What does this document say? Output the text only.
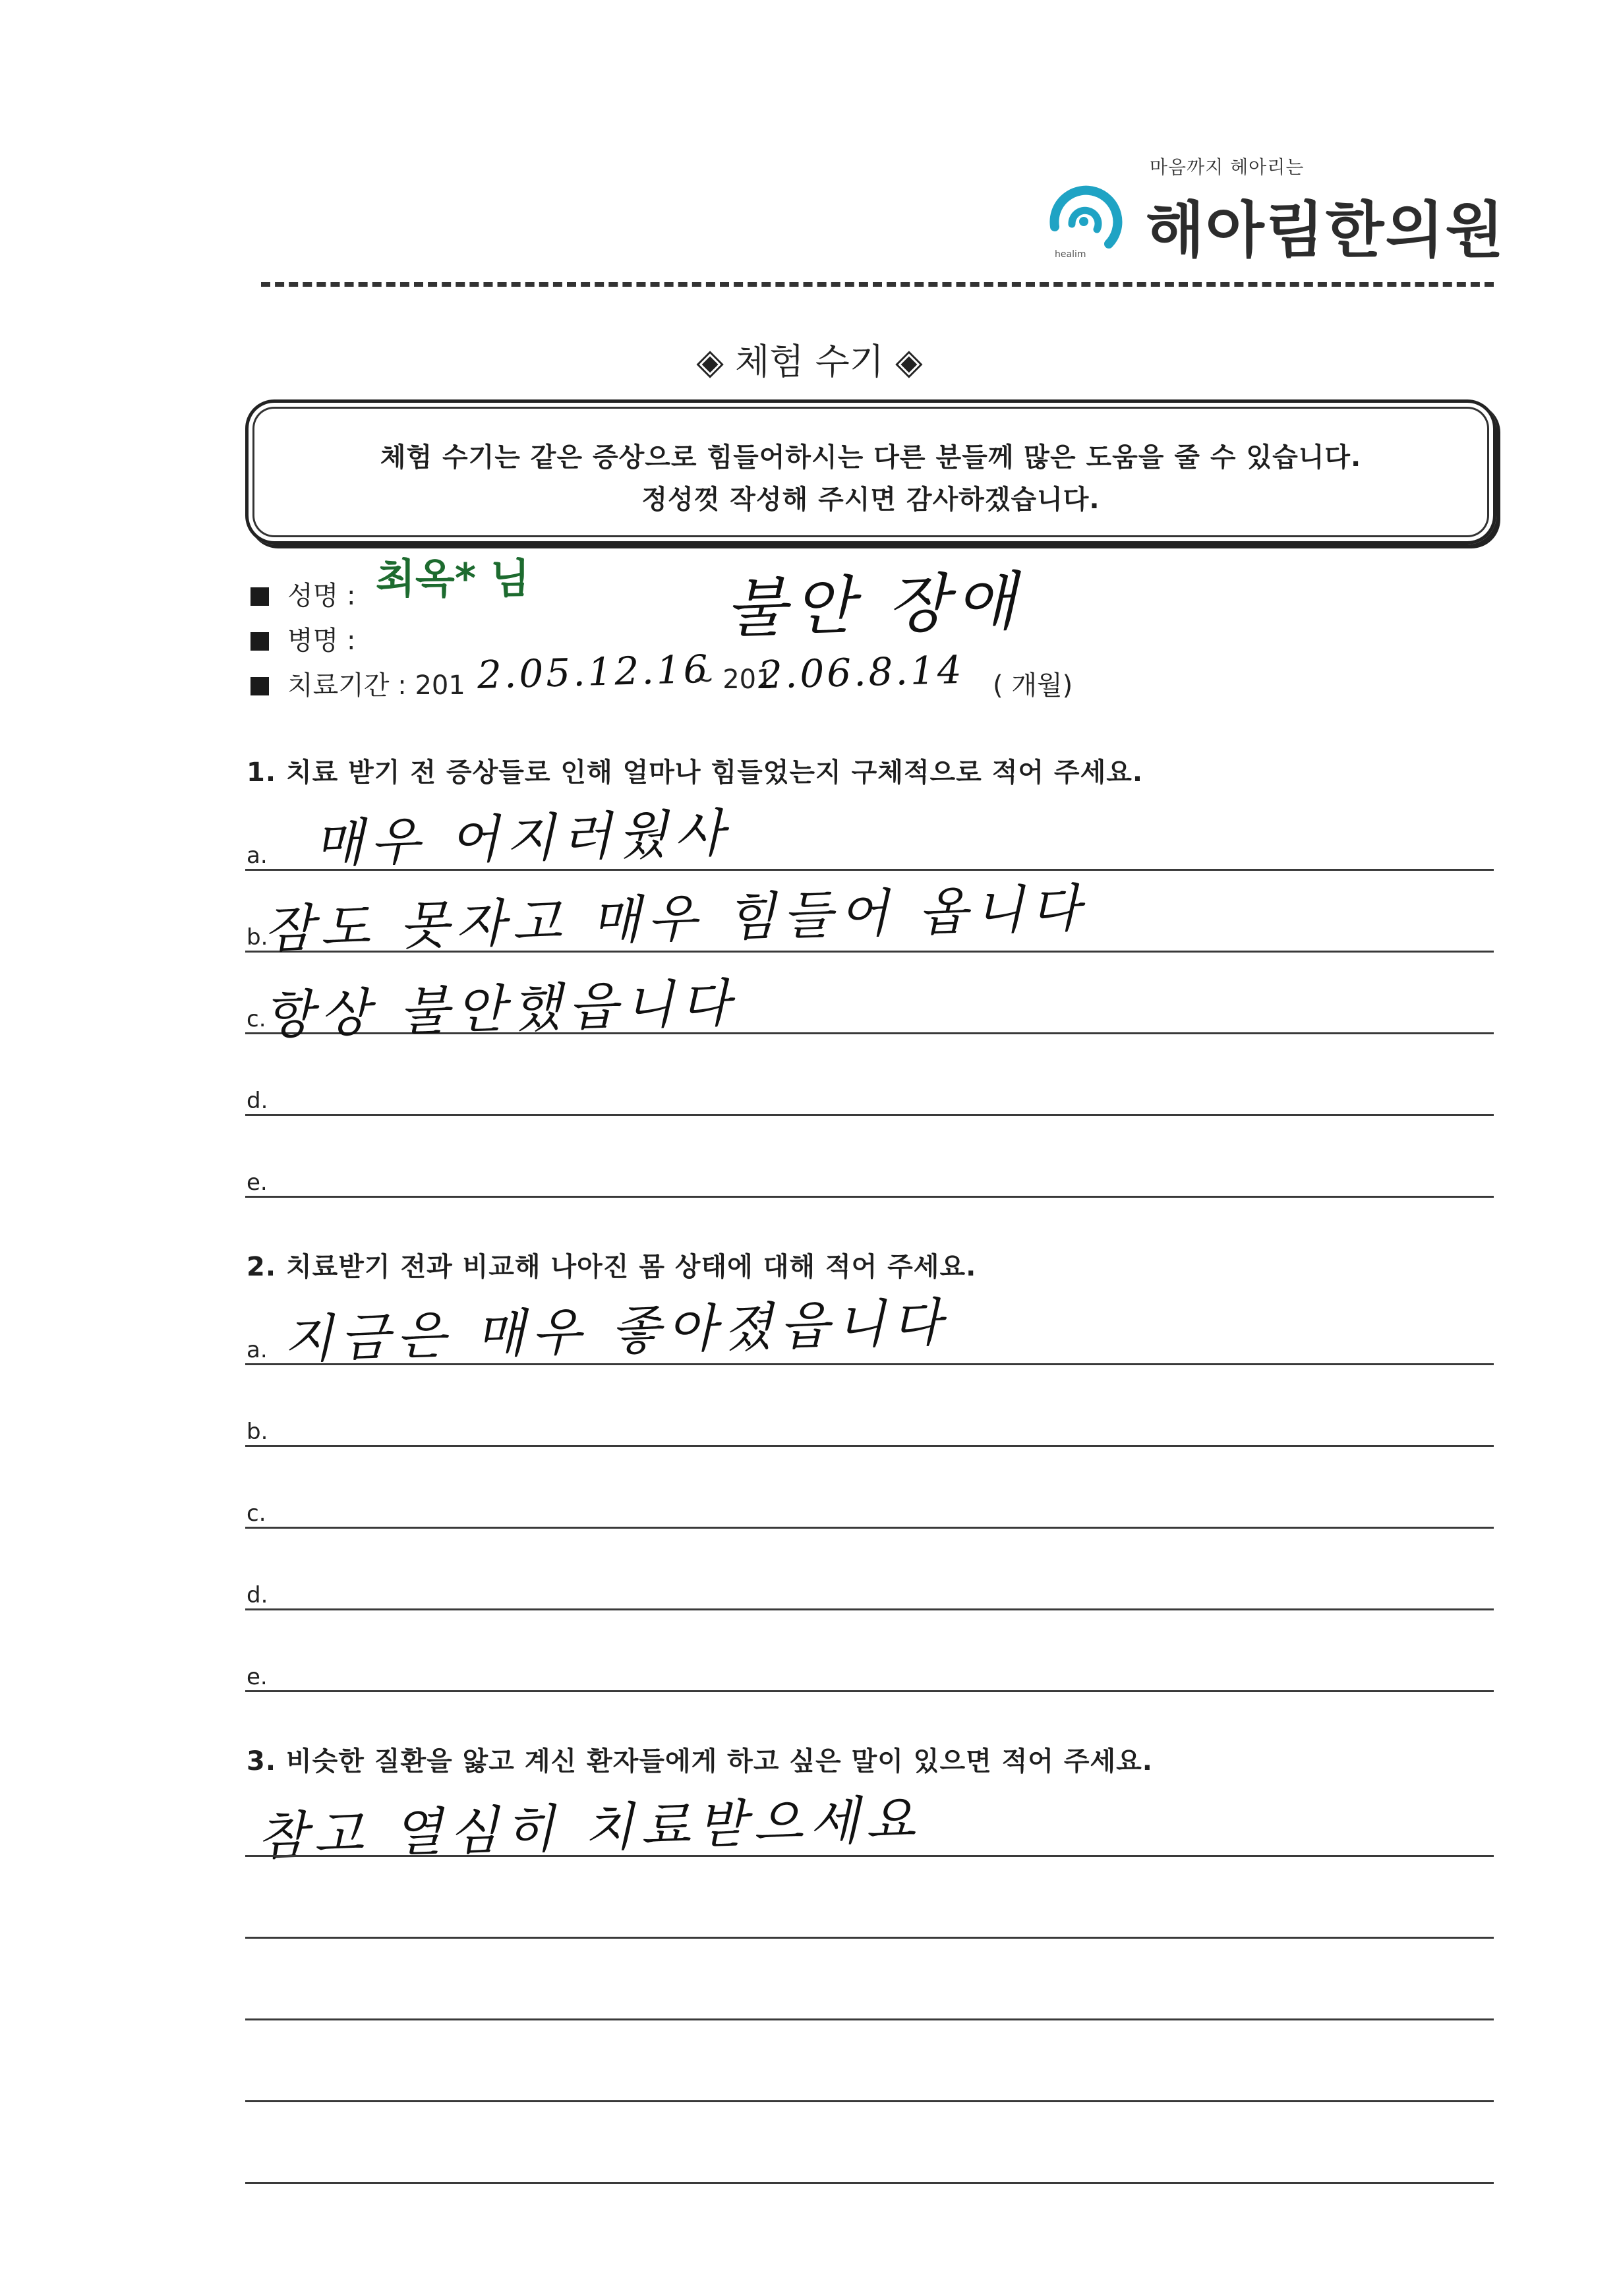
마음까지 헤아리는
healim 해아림한의원
◈ 체험 수기 ◈
체험 수기는 같은 증상으로 힘들어하시는 다른 분들께 많은 도움을 줄 수 있습니다.
정성껏 작성해 주시면 감사하겠습니다.
성명 : 최옥* 님	불안 장애
병명 :
치료기간 : 201 2.05.12.16
~ 201
2.06.8.14 ( 개월)
1. 치료 받기 전 증상들로 인해 얼마나 힘들었는지 구체적으로 적어 주세요.
a. 매우 어지러웠사
b.
잠도 못자고 매우 힘들어 옵니다
c.
항상 불안했읍니다
d.
e.
2. 치료받기 전과 비교해 나아진 몸 상태에 대해 적어 주세요.
a. 지금은 매우 좋아졌읍니다
b.
c.
d.
e.
3. 비슷한 질환을 앓고 계신 환자들에게 하고 싶은 말이 있으면 적어 주세요.
참고 열심히 치료받으세요
